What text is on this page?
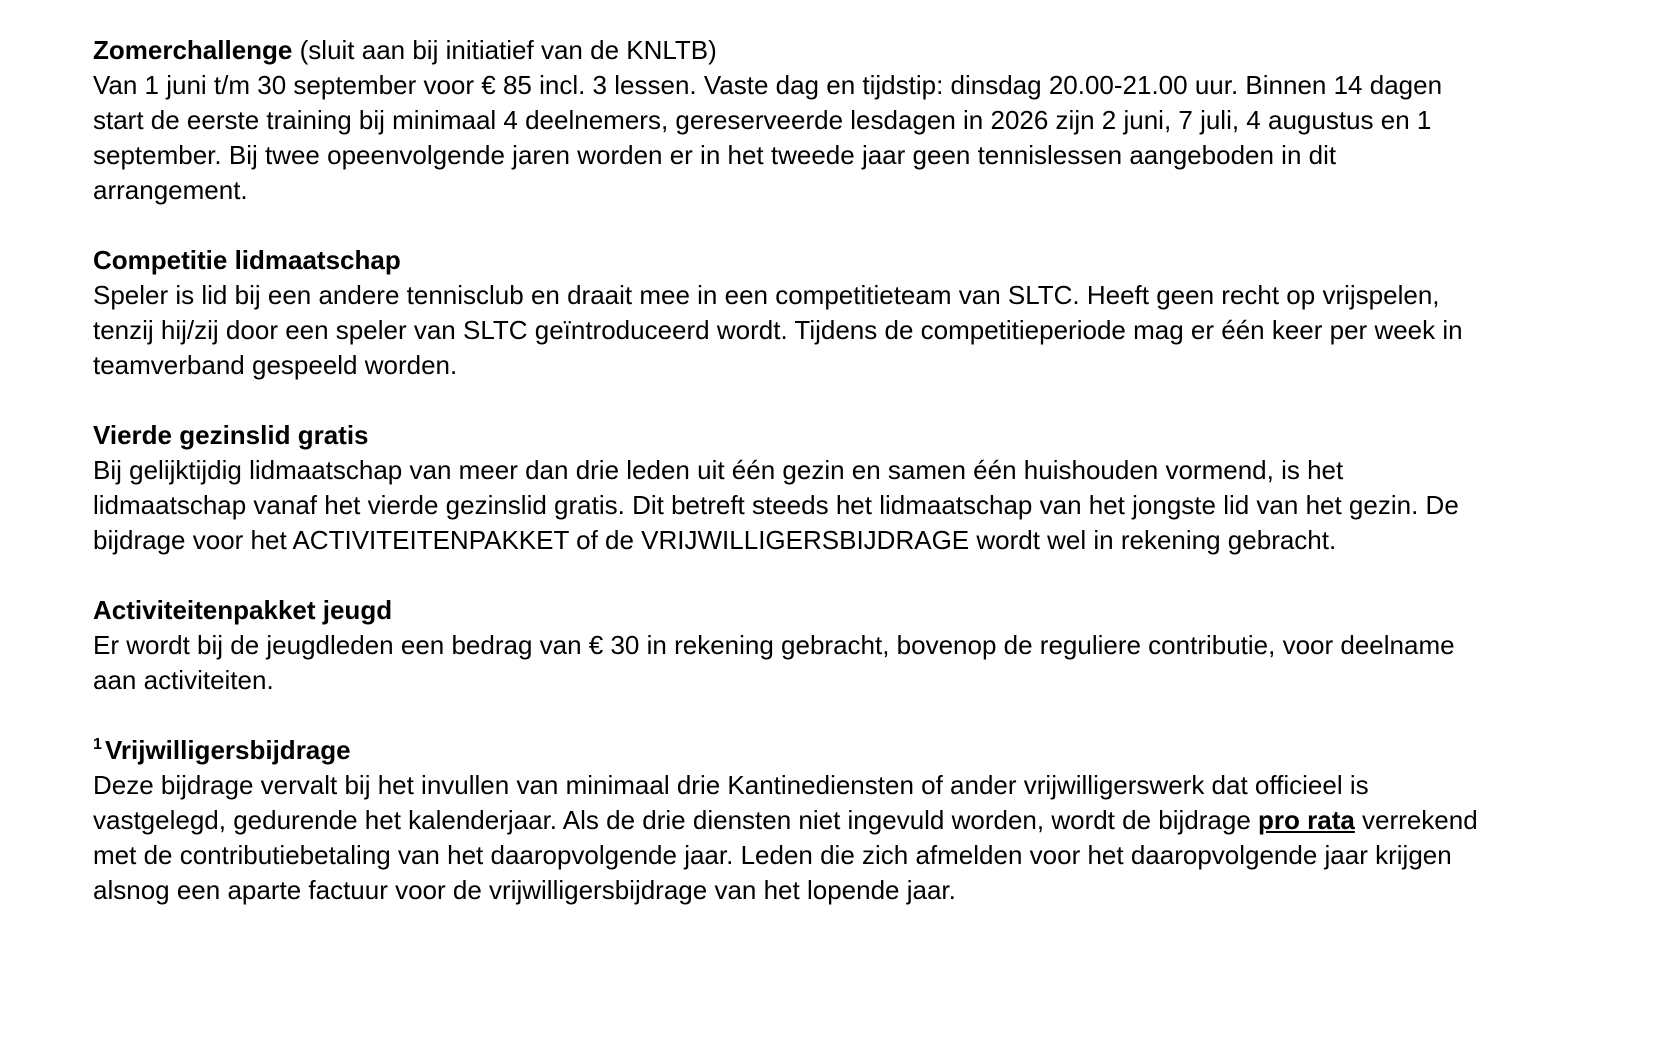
Zomerchallenge (sluit aan bij initiatief van de KNLTB)

Van 1 juni t/m 30 september voor € 85 incl. 3 lessen. Vaste dag en tijdstip: dinsdag 20.00-21.00 uur. Binnen 14 dagen start de eerste training bij minimaal 4 deelnemers, gereserveerde lesdagen in 2026 zijn 2 juni, 7 juli, 4 augustus en 1 september. Bij twee opeenvolgende jaren worden er in het tweede jaar geen tennislessen aangeboden in dit arrangement.

Competitie lidmaatschap

Speler is lid bij een andere tennisclub en draait mee in een competitieteam van SLTC. Heeft geen recht op vrijspelen, tenzij hij/zij door een speler van SLTC geïntroduceerd wordt. Tijdens de competitieperiode mag er één keer per week in teamverband gespeeld worden.

Vierde gezinslid gratis

Bij gelijktijdig lidmaatschap van meer dan drie leden uit één gezin en samen één huishouden vormend, is het lidmaatschap vanaf het vierde gezinslid gratis. Dit betreft steeds het lidmaatschap van het jongste lid van het gezin. De bijdrage voor het ACTIVITEITENPAKKET of de VRIJWILLIGERSBIJDRAGE wordt wel in rekening gebracht.

Activiteitenpakket jeugd

Er wordt bij de jeugdleden een bedrag van € 30 in rekening gebracht, bovenop de reguliere contributie, voor deelname aan activiteiten.

$^1$ Vrijwilligersbijdrage

Deze bijdrage vervalt bij het invullen van minimaal drie Kantinediensten of ander vrijwilligerswerk dat officieel is vastgelegd, gedurende het kalenderjaar. Als de drie diensten niet ingevuld worden, wordt de bijdrage pro rata verrekend met de contributiebetaling van het daaropvolgende jaar. Leden die zich afmelden voor het daaropvolgende jaar krijgen alsnog een aparte factuur voor de vrijwilligersbijdrage van het lopende jaar.
